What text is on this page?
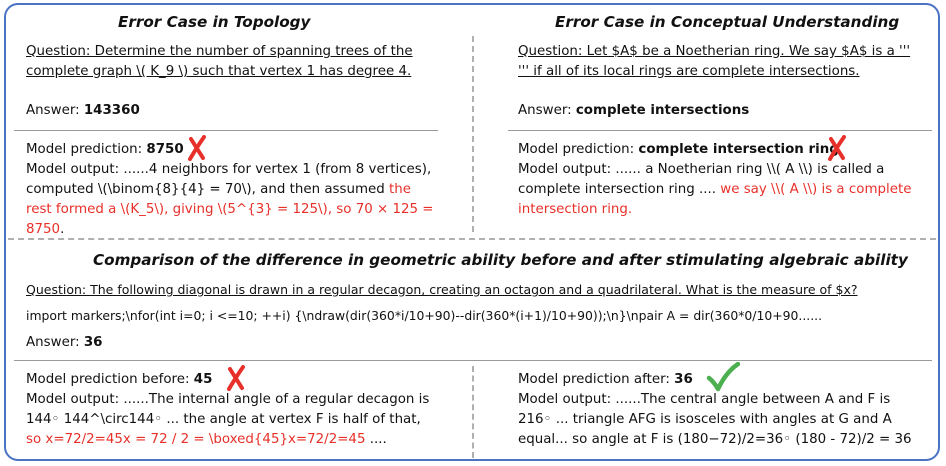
Error Case in Topology
Question: Determine the number of spanning trees of the
complete graph \( K_9 \) such that vertex 1 has degree 4.
Answer: 143360
Model prediction: 8750
Model output: ......4 neighbors for vertex 1 (from 8 vertices),
computed \(\binom{8}{4} = 70\), and then assumed the
rest formed a \(K_5\), giving \(5^{3} = 125\), so 70 × 125 =
8750.
Error Case in Conceptual Understanding
Question: Let $A$ be a Noetherian ring. We say $A$ is a '''
''' if all of its local rings are complete intersections.
Answer: complete intersections
Model prediction: complete intersection ring
Model output: ...... a Noetherian ring \\( A \\) is called a
complete intersection ring .... we say \\( A \\) is a complete
intersection ring.
Comparison of the difference in geometric ability before and after stimulating algebraic ability
Question: The following diagonal is drawn in a regular decagon, creating an octagon and a quadrilateral. What is the measure of $x?
import markers;\nfor(int i=0; i <=10; ++i) {\ndraw(dir(360*i/10+90)--dir(360*(i+1)/10+90));\n}\npair A = dir(360*0/10+90......
Answer: 36
Model prediction before: 45
Model output: ......The internal angle of a regular decagon is
144◦ 144^\circ144◦ ... the angle at vertex F is half of that,
so x=72/2=45x = 72 / 2 = \boxed{45}x=72/2=45 ....
Model prediction after: 36
Model output: ......The central angle between A and F is
216◦ ... triangle AFG is isosceles with angles at G and A
equal... so angle at F is (180−72)/2=36◦ (180 - 72)/2 = 36
